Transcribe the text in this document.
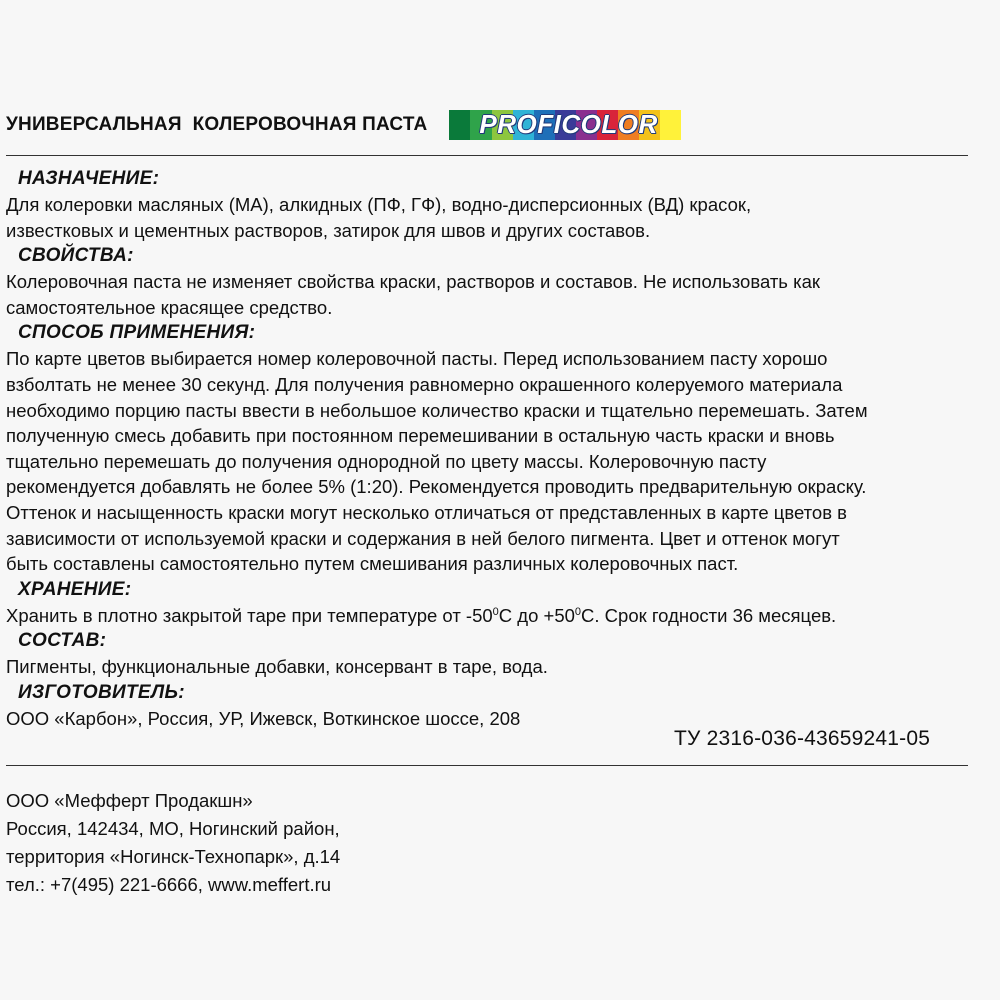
УНИВЕРСАЛЬНАЯ  КОЛЕРОВОЧНАЯ ПАСТА PROFICOLOR
НАЗНАЧЕНИЕ:

Для колеровки масляных (МА), алкидных (ПФ, ГФ), водно-дисперсионных (ВД) красок,
известковых и цементных растворов, затирок для швов и других составов.

СВОЙСТВА:

Колеровочная паста не изменяет свойства краски, растворов и составов. Не использовать как
самостоятельное красящее средство.

СПОСОБ ПРИМЕНЕНИЯ:

По карте цветов выбирается номер колеровочной пасты. Перед использованием пасту хорошо
взболтать не менее 30 секунд. Для получения равномерно окрашенного колеруемого материала
необходимо порцию пасты ввести в небольшое количество краски и тщательно перемешать. Затем
полученную смесь добавить при постоянном перемешивании в остальную часть краски и вновь
тщательно перемешать до получения однородной по цвету массы. Колеровочную пасту
рекомендуется добавлять не более 5% (1:20). Рекомендуется проводить предварительную окраску.
Оттенок и насыщенность краски могут несколько отличаться от представленных в карте цветов в
зависимости от используемой краски и содержания в ней белого пигмента. Цвет и оттенок могут
быть составлены самостоятельно путем смешивания различных колеровочных паст.

ХРАНЕНИЕ:

Хранить в плотно закрытой таре при температуре от $-50^0С$ до $+50^0С$. Срок годности 36 месяцев.

СОСТАВ:

Пигменты, функциональные добавки, консервант в таре, вода.

ИЗГОТОВИТЕЛЬ:

ООО «Карбон», Россия, УР, Ижевск, Воткинское шоссе, 208

ТУ 2316-036-43659241-05
ООО «Мефферт Продакшн»
Россия, 142434, МО, Ногинский район,
территория «Ногинск-Технопарк», д.14
тел.: +7(495) 221-6666, www.meffert.ru
